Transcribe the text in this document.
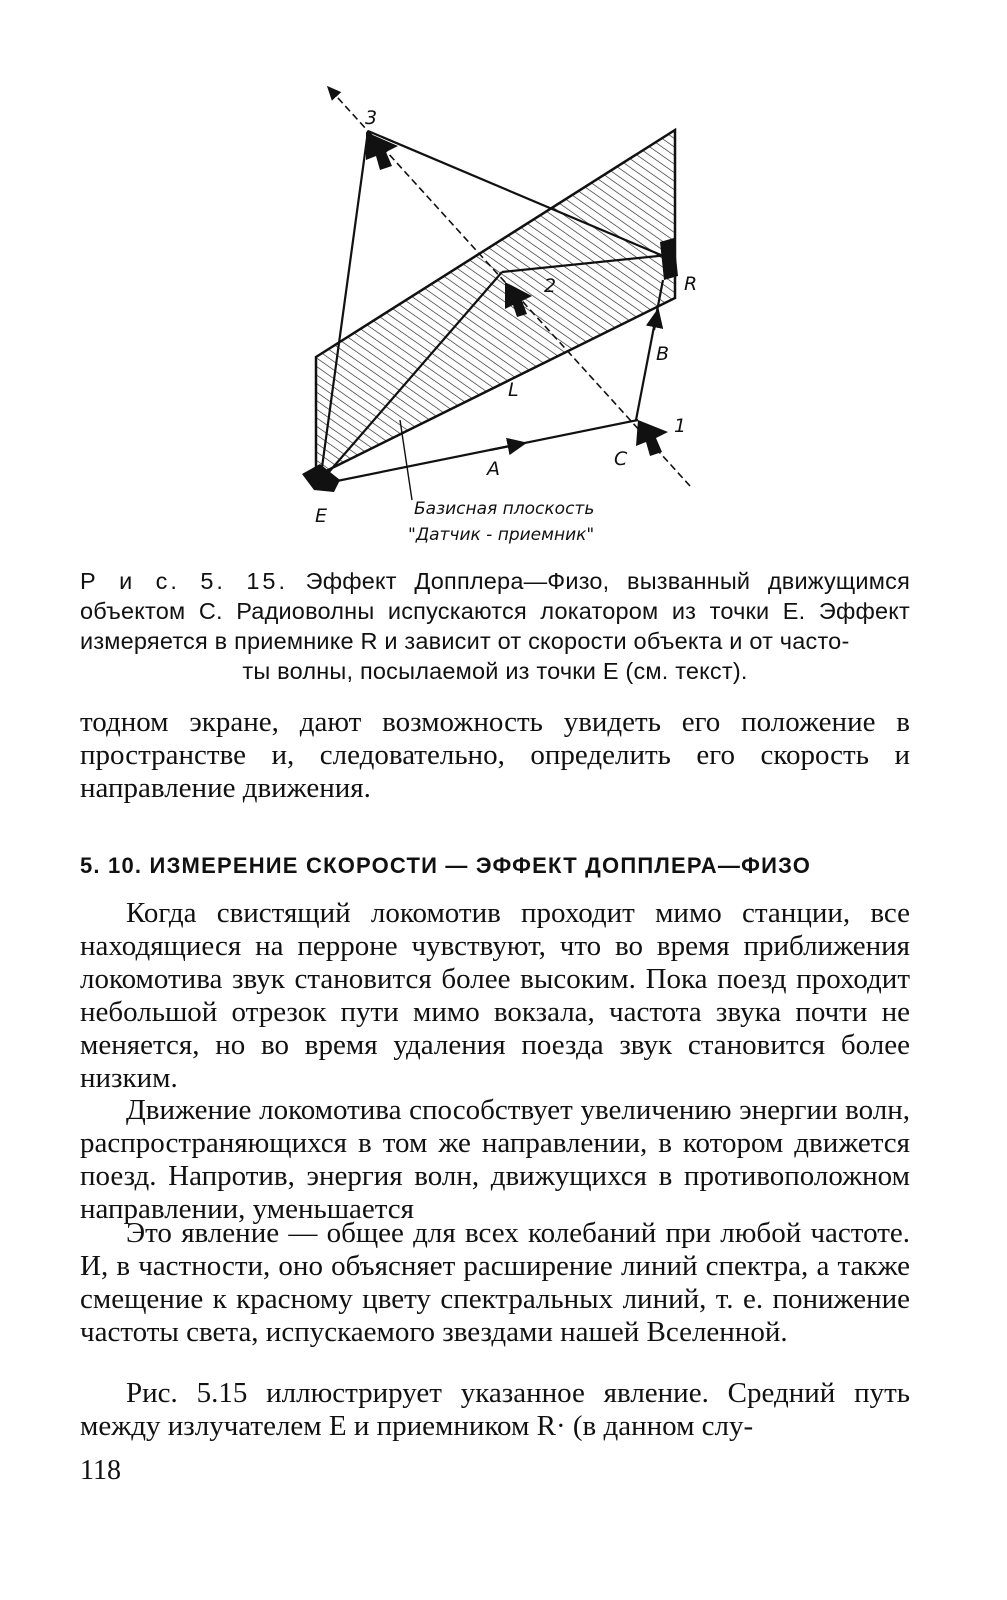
3
2
1
R
E
C
A
B
L
Базисная плоскость
"Датчик - приемник"
Р и с. 5. 15. Эффект Допплера—Физо, вызванный движущимся объектом С. Радиоволны испускаются локатором из точки Е. Эффект измеряется в приемнике R и зависит от скорости объекта и от часто-
ты волны, посылаемой из точки Е (см. текст).
тодном экране, дают возможность увидеть его положение в пространстве и, следовательно, определить его скорость и направление движения.
5. 10. ИЗМЕРЕНИЕ СКОРОСТИ — ЭФФЕКТ ДОППЛЕРА—ФИЗО
Когда свистящий локомотив проходит мимо станции, все находящиеся на перроне чувствуют, что во время приближения локомотива звук становится более высоким. Пока поезд проходит небольшой отрезок пути мимо вокзала, частота звука почти не меняется, но во время удаления поезда звук становится более низким.
Движение локомотива способствует увеличению энергии волн, распространяющихся в том же направлении, в котором движется поезд. Напротив, энергия волн, движущихся в противоположном направлении, уменьшается
Это явление — общее для всех колебаний при любой частоте. И, в частности, оно объясняет расширение линий спектра, а также смещение к красному цвету спектральных линий, т. е. понижение частоты света, испускаемого звездами нашей Вселенной.
Рис. 5.15 иллюстрирует указанное явление. Средний путь между излучателем Е и приемником R· (в данном слу-
118
